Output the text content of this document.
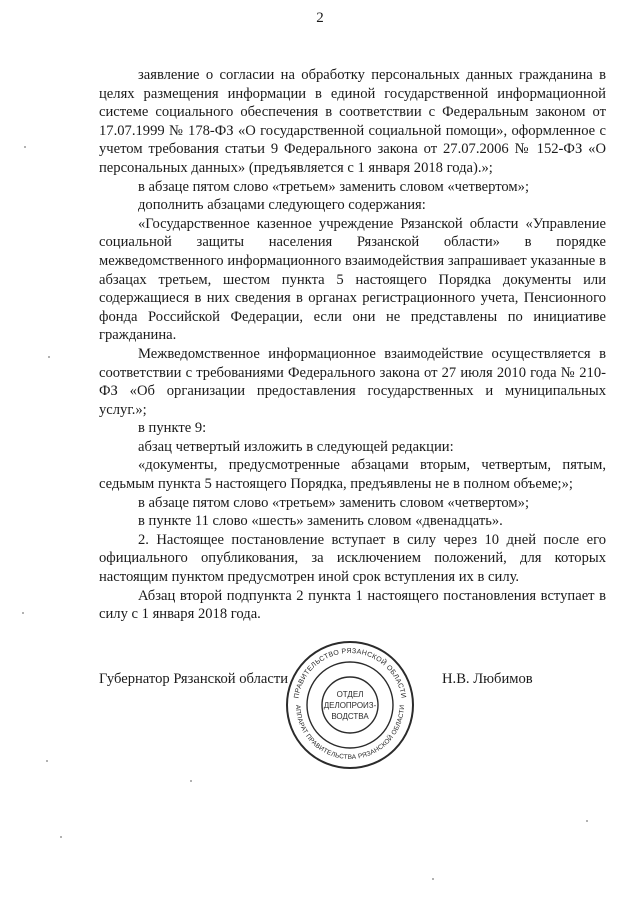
2

заявление о согласии на обработку персональных данных гражданина в целях размещения информации в единой государственной информационной системе социального обеспечения в соответствии с Федеральным законом от 17.07.1999 № 178-ФЗ «О государственной социальной помощи», оформленное с учетом требования статьи 9 Федерального закона от 27.07.2006 № 152-ФЗ «О персональных данных» (предъявляется с 1 января 2018 года).»;

в абзаце пятом слово «третьем» заменить словом «четвертом»;

дополнить абзацами следующего содержания:

«Государственное казенное учреждение Рязанской области «Управление социальной защиты населения Рязанской области» в порядке межведомственного информационного взаимодействия запрашивает указанные в абзацах третьем, шестом пункта 5 настоящего Порядка документы или содержащиеся в них сведения в органах регистрационного учета, Пенсионного фонда Российской Федерации, если они не представлены по инициативе гражданина.

Межведомственное информационное взаимодействие осуществляется в соответствии с требованиями Федерального закона от 27 июля 2010 года № 210-ФЗ «Об организации предоставления государственных и муниципальных услуг.»;

в пункте 9:

абзац четвертый изложить в следующей редакции:

«документы, предусмотренные абзацами вторым, четвертым, пятым, седьмым пункта 5 настоящего Порядка, предъявлены не в полном объеме;»;

в абзаце пятом слово «третьем» заменить словом «четвертом»;

в пункте 11 слово «шесть» заменить словом «двенадцать».

2. Настоящее постановление вступает в силу через 10 дней после его официального опубликования, за исключением положений, для которых настоящим пунктом предусмотрен иной срок вступления их в силу.

Абзац второй подпункта 2 пункта 1 настоящего постановления вступает в силу с 1 января 2018 года.

Губернатор Рязанской области	Н.В. Любимов
ПРАВИТЕЛЬСТВО РЯЗАНСКОЙ ОБЛАСТИ
АППАРАТ ПРАВИТЕЛЬСТВА РЯЗАНСКОЙ ОБЛАСТИ
ОТДЕЛ
ДЕЛОПРОИЗ-
ВОДСТВА
